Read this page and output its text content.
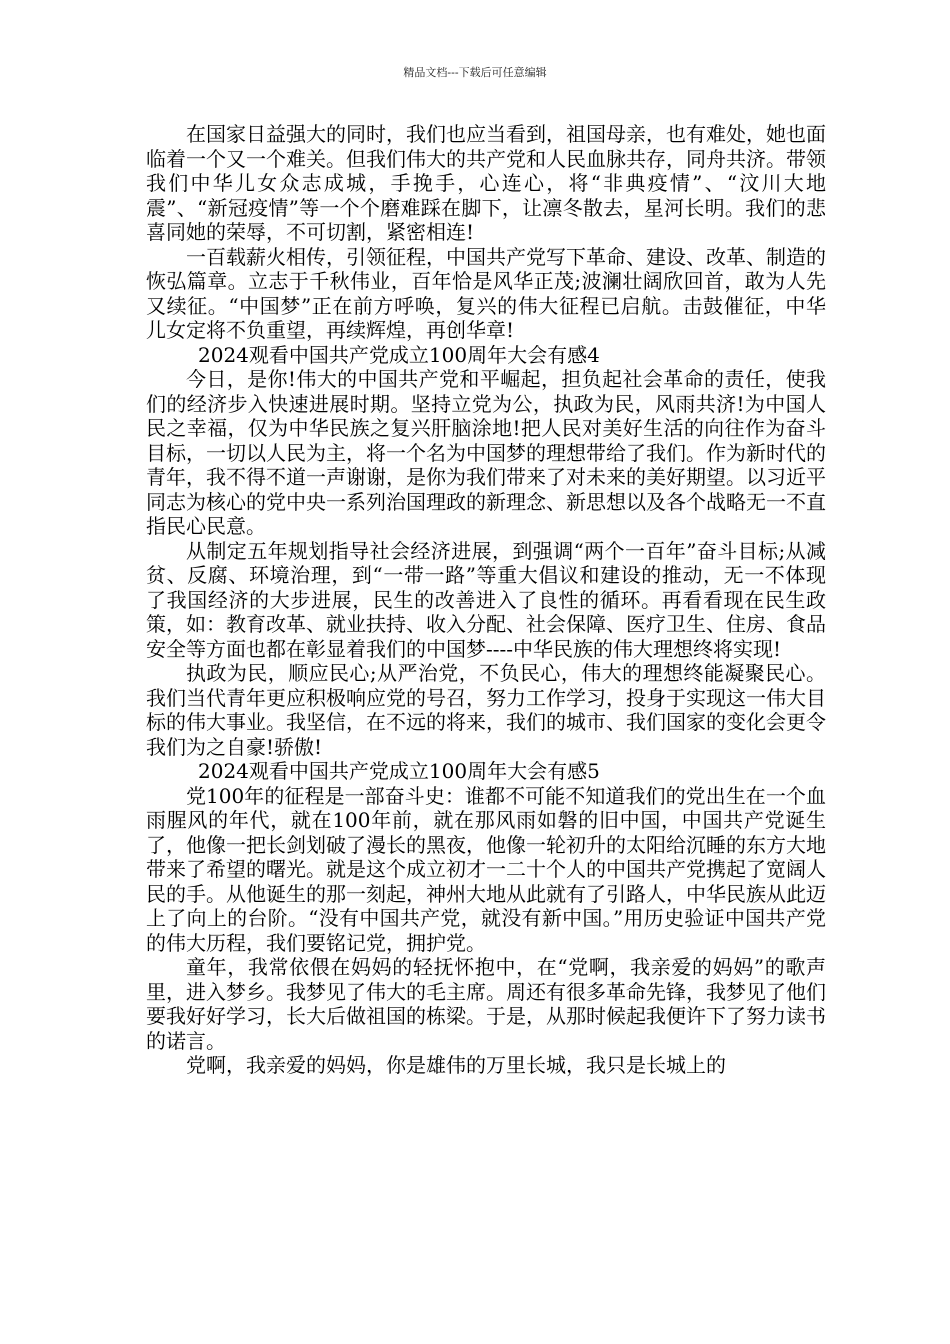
精品文档---下载后可任意编辑

在国家日益强大的同时，我们也应当看到，祖国母亲，也有难处，她也面临着一个又一个难关。但我们伟大的共产党和人民血脉共存，同舟共济。带领我们中华儿女众志成城，手挽手，心连心，将“非典疫情”、“汶川大地震”、“新冠疫情”等一个个磨难踩在脚下，让凛冬散去，星河长明。我们的悲喜同她的荣辱，不可切割，紧密相连!

一百载薪火相传，引领征程，中国共产党写下革命、建设、改革、制造的恢弘篇章。立志于千秋伟业，百年恰是风华正茂;波澜壮阔欣回首，敢为人先又续征。“中国梦”正在前方呼唤，复兴的伟大征程已启航。击鼓催征，中华儿女定将不负重望，再续辉煌，再创华章!

2024观看中国共产党成立100周年大会有感4

今日，是你!伟大的中国共产党和平崛起，担负起社会革命的责任，使我们的经济步入快速进展时期。坚持立党为公，执政为民，风雨共济!为中国人民之幸福，仅为中华民族之复兴肝脑涂地!把人民对美好生活的向往作为奋斗目标，一切以人民为主，将一个名为中国梦的理想带给了我们。作为新时代的青年，我不得不道一声谢谢，是你为我们带来了对未来的美好期望。以习近平同志为核心的党中央一系列治国理政的新理念、新思想以及各个战略无一不直指民心民意。

从制定五年规划指导社会经济进展，到强调“两个一百年”奋斗目标;从减贫、反腐、环境治理，到“一带一路”等重大倡议和建设的推动，无一不体现了我国经济的大步进展，民生的改善进入了良性的循环。再看看现在民生政策，如：教育改革、就业扶持、收入分配、社会保障、医疗卫生、住房、食品安全等方面也都在彰显着我们的中国梦----中华民族的伟大理想终将实现!

执政为民，顺应民心;从严治党，不负民心，伟大的理想终能凝聚民心。我们当代青年更应积极响应党的号召，努力工作学习，投身于实现这一伟大目标的伟大事业。我坚信，在不远的将来，我们的城市、我们国家的变化会更令我们为之自豪!骄傲!

2024观看中国共产党成立100周年大会有感5

党100年的征程是一部奋斗史：谁都不可能不知道我们的党出生在一个血雨腥风的年代，就在100年前，就在那风雨如磐的旧中国，中国共产党诞生了，他像一把长剑划破了漫长的黑夜，他像一轮初升的太阳给沉睡的东方大地带来了希望的曙光。就是这个成立初才一二十个人的中国共产党携起了宽阔人民的手。从他诞生的那一刻起，神州大地从此就有了引路人，中华民族从此迈上了向上的台阶。“没有中国共产党，就没有新中国。”用历史验证中国共产党的伟大历程，我们要铭记党，拥护党。

童年，我常依偎在妈妈的轻抚怀抱中，在“党啊，我亲爱的妈妈”的歌声里，进入梦乡。我梦见了伟大的毛主席。周还有很多革命先锋，我梦见了他们要我好好学习，长大后做祖国的栋梁。于是，从那时候起我便许下了努力读书的诺言。

党啊，我亲爱的妈妈，你是雄伟的万里长城，我只是长城上的
